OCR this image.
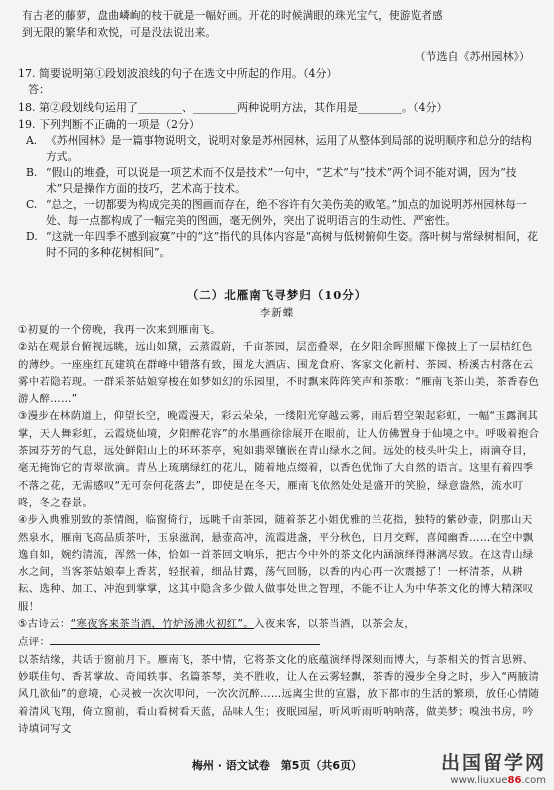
有古老的藤萝，盘曲嶙峋的枝干就是一幅好画。开花的时候满眼的珠光宝气，使游览者感
到无限的繁华和欢悦，可是没法说出来。
（节选自《苏州园林》）
17. 简要说明第①段划波浪线的句子在选文中所起的作用。（4分）
答：
18. 第②段划线句运用了________、________两种说明方法，其作用是________。（4分）
19. 下列判断不正确的一项是（2分）
A. 《苏州园林》是一篇事物说明文，说明对象是苏州园林，运用了从整体到局部的说明顺序和总分的结构方式。
B. “假山的堆叠，可以说是一项艺术而不仅是技术”一句中，“艺术”与“技术”两个词不能对调，因为“技术”只是操作方面的技巧，艺术高于技术。
C. “总之，一切都要为构成完美的图画而存在，绝不容许有欠美伤美的败笔。”加点的加说明苏州园林每一处、每一点都构成了一幅完美的图画，毫无例外，突出了说明语言的生动性、严密性。
D. “这就一年四季不感到寂寞”中的“这”指代的具体内容是“高树与低树俯仰生姿。落叶树与常绿树相间，花时不同的多种花树相间”。
（二）北雁南飞寻梦归（10分）
李新蝶

①初夏的一个傍晚，我再一次来到雁南飞。

②站在观景台俯视远眺，远山如黛，云蒸霞蔚，千亩茶园，层峦叠翠，在夕阳余晖照耀下像披上了一层桔红色的薄纱。一座座红瓦建筑在群峰中错落有致，围龙大酒店、围龙食府、客家文化新村、茶园、桥溪古村落在云雾中若隐若现。一群采茶姑娘穿梭在如梦如幻的乐园里，不时飘来阵阵笑声和茶歌：“雁南飞茶山美，茶香春色游人醉……”

③漫步在林荫道上，仰望长空，晚霞漫天，彩云朵朵，一缕阳光穿越云雾，雨后碧空架起彩虹，一幅“玉露润其掌，天人舞彩虹，云霞烧仙境，夕阳醉花容”的水墨画徐徐展开在眼前，让人仿佛置身于仙境之中。呼吸着抱合茶园芬芳的气息，远处鲜阳山上的环环茶亭，宛如翡翠镶嵌在青山绿水之间。远处的枝头叶尖上，雨滴夺目，毫无掩饰它的青翠欲滴。青丛上琉璃绿红的花儿，随着地点缀着，以香色优饰了大自然的语言。这里有着四季不落之花，无需感叹“无可奈何花落去”，即使是在冬天，雁南飞依然处处是盛开的笑脸，绿意盎然，流水叮咚，冬之春景。

④步入典雅别致的茶情阁，临窗倚行，远眺千亩茶园，随着茶艺小姐优雅的兰花指，独特的紫砂壶，阴那山天然泉水，雁南飞高品质茶叶，玉泉滋润，悬壶高冲，流霞进盏，平分秋色，日月交辉，喜闻幽香……在空中飘逸自如，婉约清流，浑然一体，恰如一首茶回文响乐，把古今中外的茶文化内涵演绎得淋漓尽致。在这青山绿水之间，当客茶姑娘奉上香茗，轻抿着，细品甘露，荡气回肠，以香的内心再一次震撼了！一杯清茶，从耕耘、选种、加工、冲泡到掌掌，这其中隐含多少做人做事处世之智理，不能不让人为中华茶文化的博大精深叹服！

⑤古诗云：“寒夜客来茶当酒，竹炉汤沸火初红”。入夜来客，以茶当酒，以茶会友，

点评：

以茶结缘，共话于窗前月下。雁南飞，茶中情，它将茶文化的底蕴演绎得深刻而博大，与茶相关的哲言思辨、妙联佳句、香茗掌故、奇闻轶事、名篇茶琴，美不胜收，让人在云雾轻飘，茶香的漫步全身之时，步入“两腋清风几欲仙”的意境，心灵被一次次叩问，一次次沉醉……远离尘世的宣嚣，放下都市的生活的繁琐，放任心情随着清风飞翔，倚立窗前，看山看树看天蓝，品味人生；夜眠园屋，听风听雨听呐呐落，做美梦；嗅浊书房，吟诗填词写文

梅州 · 语文试卷　第5页（共6页）	出国留学网
www.liuxue86.com
